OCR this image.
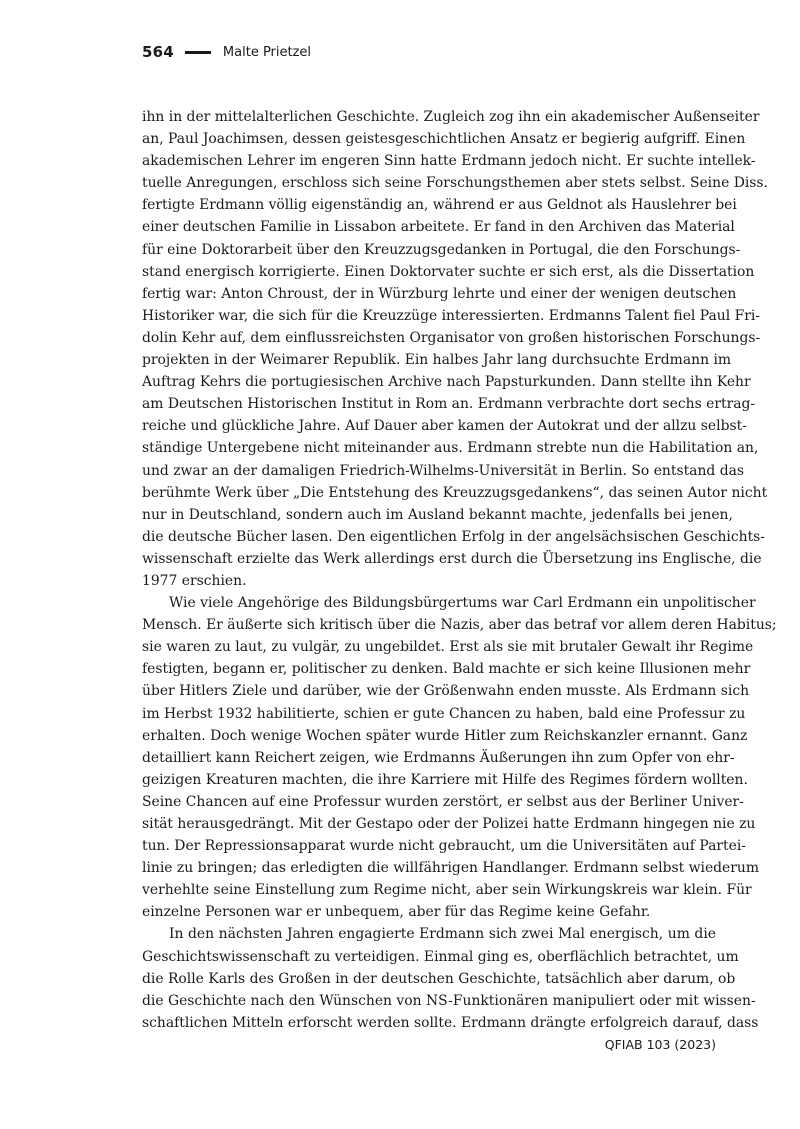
564	Malte Prietzel
ihn in der mittelalterlichen Geschichte. Zugleich zog ihn ein akademischer Außenseiter
an, Paul Joachimsen, dessen geistesgeschichtlichen Ansatz er begierig aufgriff. Einen
akademischen Lehrer im engeren Sinn hatte Erdmann jedoch nicht. Er suchte intellek-
tuelle Anregungen, erschloss sich seine Forschungsthemen aber stets selbst. Seine Diss.
fertigte Erdmann völlig eigenständig an, während er aus Geldnot als Hauslehrer bei
einer deutschen Familie in Lissabon arbeitete. Er fand in den Archiven das Material
für eine Doktorarbeit über den Kreuzzugsgedanken in Portugal, die den Forschungs-
stand energisch korrigierte. Einen Doktorvater suchte er sich erst, als die Dissertation
fertig war: Anton Chroust, der in Würzburg lehrte und einer der wenigen deutschen
Historiker war, die sich für die Kreuzzüge interessierten. Erdmanns Talent fiel Paul Fri-
dolin Kehr auf, dem einflussreichsten Organisator von großen historischen Forschungs-
projekten in der Weimarer Republik. Ein halbes Jahr lang durchsuchte Erdmann im
Auftrag Kehrs die portugiesischen Archive nach Papsturkunden. Dann stellte ihn Kehr
am Deutschen Historischen Institut in Rom an. Erdmann verbrachte dort sechs ertrag-
reiche und glückliche Jahre. Auf Dauer aber kamen der Autokrat und der allzu selbst-
ständige Untergebene nicht miteinander aus. Erdmann strebte nun die Habilitation an,
und zwar an der damaligen Friedrich-Wilhelms-Universität in Berlin. So entstand das
berühmte Werk über „Die Entstehung des Kreuzzugsgedankens“, das seinen Autor nicht
nur in Deutschland, sondern auch im Ausland bekannt machte, jedenfalls bei jenen,
die deutsche Bücher lasen. Den eigentlichen Erfolg in der angelsächsischen Geschichts-
wissenschaft erzielte das Werk allerdings erst durch die Übersetzung ins Englische, die
1977 erschien.
Wie viele Angehörige des Bildungsbürgertums war Carl Erdmann ein unpolitischer
Mensch. Er äußerte sich kritisch über die Nazis, aber das betraf vor allem deren Habitus;
sie waren zu laut, zu vulgär, zu ungebildet. Erst als sie mit brutaler Gewalt ihr Regime
festigten, begann er, politischer zu denken. Bald machte er sich keine Illusionen mehr
über Hitlers Ziele und darüber, wie der Größenwahn enden musste. Als Erdmann sich
im Herbst 1932 habilitierte, schien er gute Chancen zu haben, bald eine Professur zu
erhalten. Doch wenige Wochen später wurde Hitler zum Reichskanzler ernannt. Ganz
detailliert kann Reichert zeigen, wie Erdmanns Äußerungen ihn zum Opfer von ehr-
geizigen Kreaturen machten, die ihre Karriere mit Hilfe des Regimes fördern wollten.
Seine Chancen auf eine Professur wurden zerstört, er selbst aus der Berliner Univer-
sität herausgedrängt. Mit der Gestapo oder der Polizei hatte Erdmann hingegen nie zu
tun. Der Repressionsapparat wurde nicht gebraucht, um die Universitäten auf Partei-
linie zu bringen; das erledigten die willfährigen Handlanger. Erdmann selbst wiederum
verhehlte seine Einstellung zum Regime nicht, aber sein Wirkungskreis war klein. Für
einzelne Personen war er unbequem, aber für das Regime keine Gefahr.
In den nächsten Jahren engagierte Erdmann sich zwei Mal energisch, um die
Geschichtswissenschaft zu verteidigen. Einmal ging es, oberflächlich betrachtet, um
die Rolle Karls des Großen in der deutschen Geschichte, tatsächlich aber darum, ob
die Geschichte nach den Wünschen von NS-Funktionären manipuliert oder mit wissen-
schaftlichen Mitteln erforscht werden sollte. Erdmann drängte erfolgreich darauf, dass
QFIAB 103 (2023)
